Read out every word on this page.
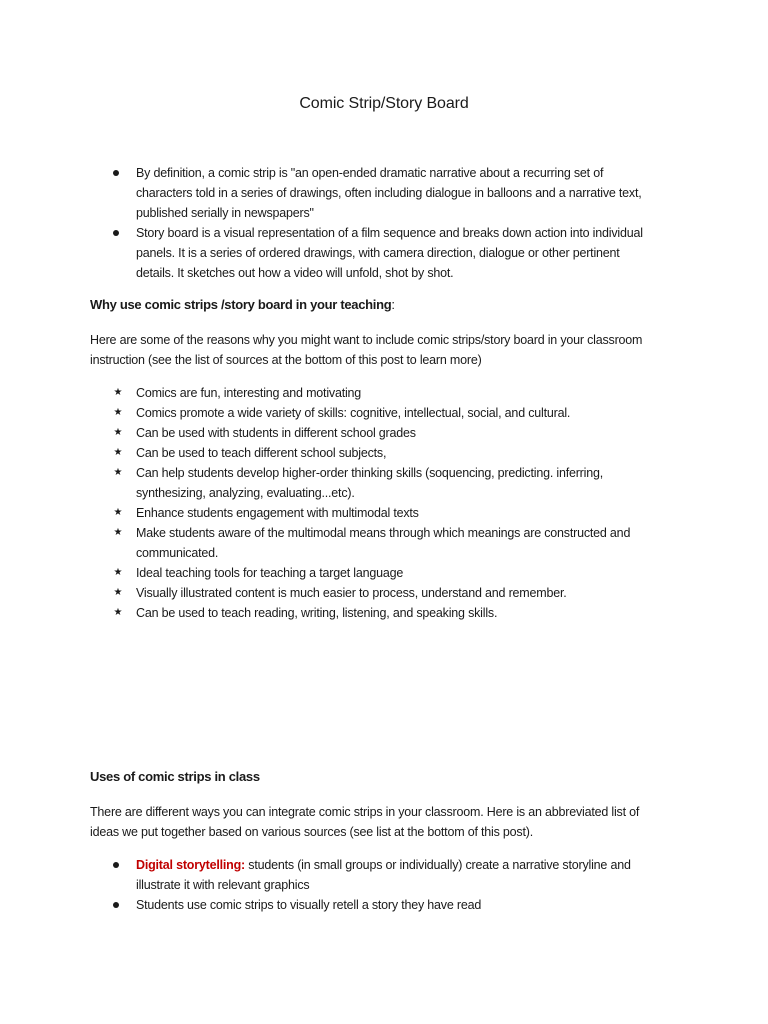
Comic Strip/Story Board
By definition, a comic strip is "an open-ended dramatic narrative about a recurring set of
characters told in a series of drawings, often including dialogue in balloons and a narrative text,
published serially in newspapers"
Story board is a visual representation of a film sequence and breaks down action into individual
panels. It is a series of ordered drawings, with camera direction, dialogue or other pertinent
details. It sketches out how a video will unfold, shot by shot.
Why use comic strips /story board in your teaching:
Here are some of the reasons why you might want to include comic strips/story board in your classroom
instruction (see the list of sources at the bottom of this post to learn more)
★
Comics are fun, interesting and motivating
★
Comics promote a wide variety of skills: cognitive, intellectual, social, and cultural.
★
Can be used with students in different school grades
★
Can be used to teach different school subjects,
★
Can help students develop higher-order thinking skills (soquencing, predicting. inferring,
synthesizing, analyzing, evaluating...etc).
★
Enhance students engagement with multimodal texts
★
Make students aware of the multimodal means through which meanings are constructed and
communicated.
★
Ideal teaching tools for teaching a target language
★
Visually illustrated content is much easier to process, understand and remember.
★
Can be used to teach reading, writing, listening, and speaking skills.
Uses of comic strips in class
There are different ways you can integrate comic strips in your classroom. Here is an abbreviated list of
ideas we put together based on various sources (see list at the bottom of this post).
Digital storytelling: students (in small groups or individually) create a narrative storyline and
illustrate it with relevant graphics
Students use comic strips to visually retell a story they have read
